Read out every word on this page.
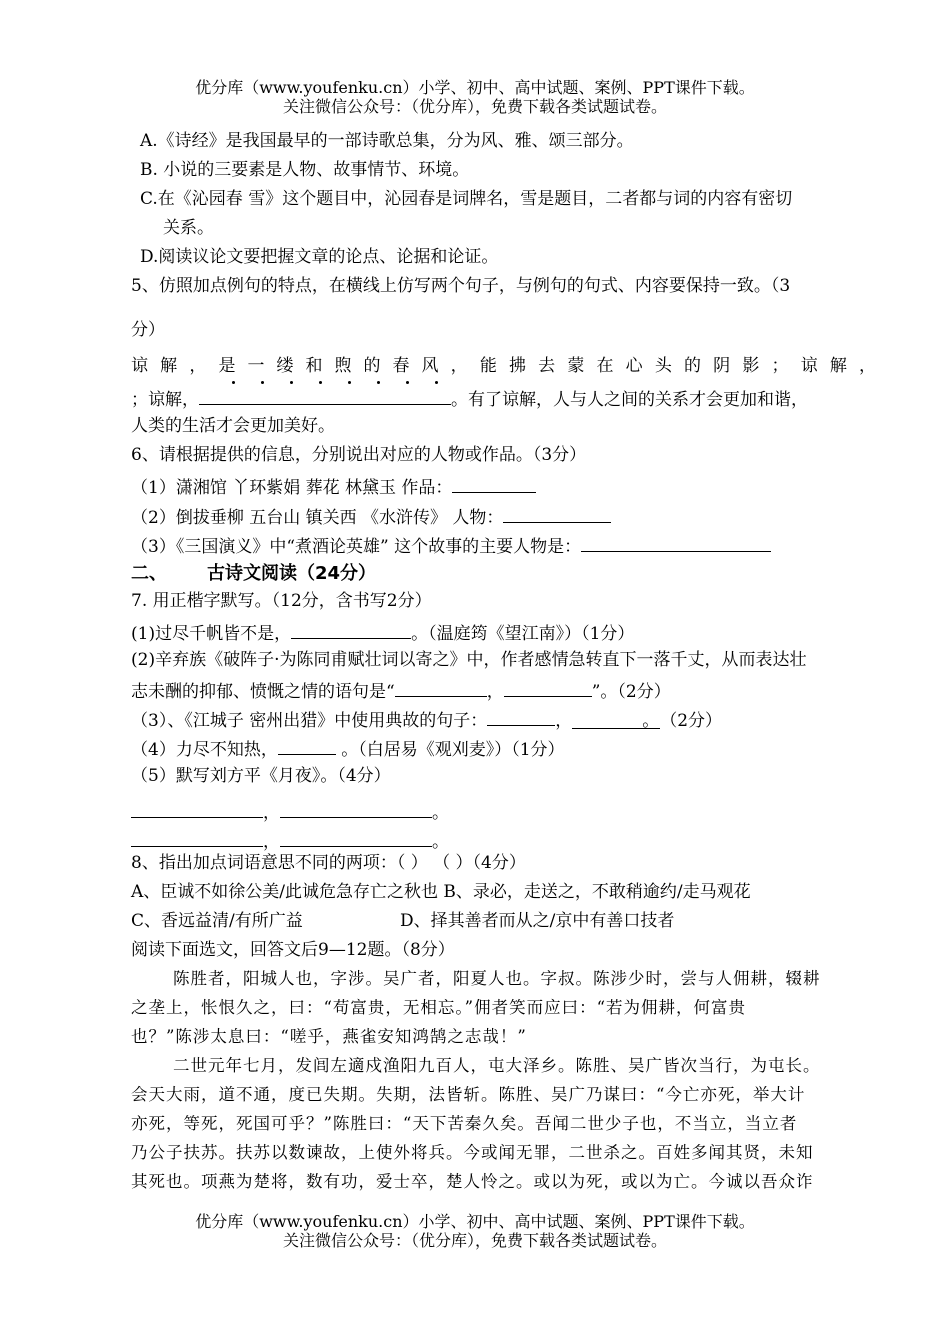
优分库（www.youfenku.cn）小学、初中、高中试题、案例、PPT课件下载。
关注微信公众号：（优分库），免费下载各类试题试卷。
A.《诗经》是我国最早的一部诗歌总集，分为风、雅、颂三部分。
B. 小说的三要素是人物、故事情节、环境。
C.在《沁园春 雪》这个题目中，沁园春是词牌名，雪是题目，二者都与词的内容有密切
关系。
D.阅读议论文要把握文章的论点、论据和论证。
5、仿照加点例句的特点，在横线上仿写两个句子，与例句的句式、内容要保持一致。（3
分）
谅解，是一缕和煦的春风，能拂去蒙在心头的阴影；谅解，
；谅解，	。有了谅解，人与人之间的关系才会更加和谐，
人类的生活才会更加美好。
6、请根据提供的信息，分别说出对应的人物或作品。（3分）
（1）潇湘馆 丫环紫娟 葬花 林黛玉 作品：
（2）倒拔垂柳 五台山 镇关西 《水浒传》 人物：
（3）《三国演义》中“煮酒论英雄” 这个故事的主要人物是：
二、 古诗文阅读（24分）
7. 用正楷字默写。（12分，含书写2分）
(1)过尽千帆皆不是，	。（温庭筠《望江南》）（1分）
(2)辛弃族《破阵子·为陈同甫赋壮词以寄之》中，作者感情急转直下一落千丈，从而表达壮
志未酬的抑郁、愤慨之情的语句是“	，	”。（2分）
（3）、《江城子 密州出猎》中使用典故的句子：	，	。（2分）
（4）力尽不知热，	。（白居易《观刈麦》）（1分）
（5）默写刘方平《月夜》。（4分）
，	。
，	。
8、指出加点词语意思不同的两项：（ ） （ ）（4分）
A、臣诚不如徐公美/此诚危急存亡之秋也 B、录必，走送之，不敢稍逾约/走马观花
C、香远益清/有所广益	D、择其善者而从之/京中有善口技者
阅读下面选文，回答文后9—12题。（8分）
陈胜者，阳城人也，字涉。吴广者，阳夏人也。字叔。陈涉少时，尝与人佣耕，辍耕
之垄上，怅恨久之，曰：“苟富贵，无相忘。”佣者笑而应曰：“若为佣耕，何富贵
也？”陈涉太息曰：“嗟乎，燕雀安知鸿鹄之志哉！”
二世元年七月，发闾左適戍渔阳九百人，屯大泽乡。陈胜、吴广皆次当行，为屯长。
会天大雨，道不通，度已失期。失期，法皆斩。陈胜、吴广乃谋曰：“今亡亦死，举大计
亦死，等死，死国可乎？”陈胜曰：“天下苦秦久矣。吾闻二世少子也，不当立，当立者
乃公子扶苏。扶苏以数谏故，上使外将兵。今或闻无罪，二世杀之。百姓多闻其贤，未知
其死也。项燕为楚将，数有功，爱士卒，楚人怜之。或以为死，或以为亡。今诚以吾众诈
优分库（www.youfenku.cn）小学、初中、高中试题、案例、PPT课件下载。
关注微信公众号：（优分库），免费下载各类试题试卷。
